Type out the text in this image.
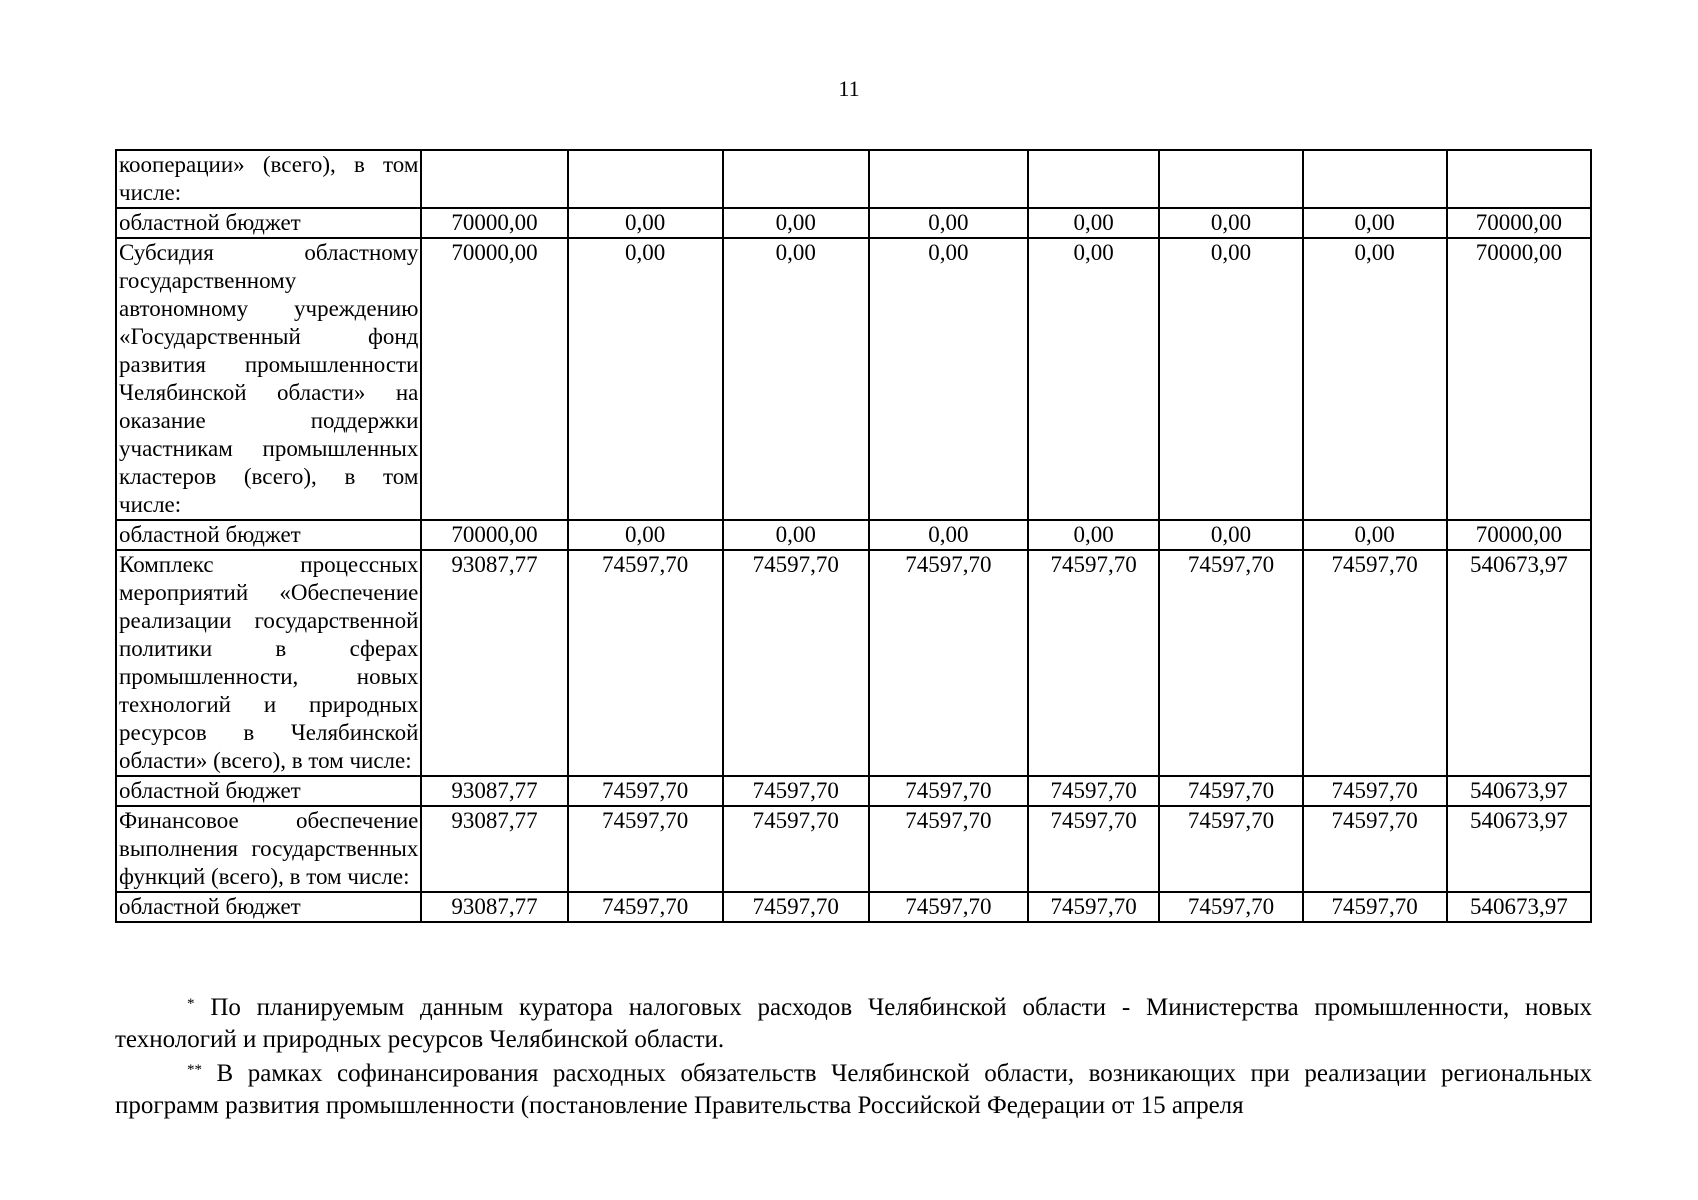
11
кооперации» (всего), в том числе:								
областной бюджет	70000,00	0,00	0,00	0,00	0,00	0,00	0,00	70000,00
Субсидия областному государственному автономному учреждению «Государственный фонд развития промышленности Челябинской области» на оказание поддержки участникам промышленных кластеров (всего), в том числе:	70000,00	0,00	0,00	0,00	0,00	0,00	0,00	70000,00
областной бюджет	70000,00	0,00	0,00	0,00	0,00	0,00	0,00	70000,00
Комплекс процессных мероприятий «Обеспечение реализации государственной политики в сферах промышленности, новых технологий и природных ресурсов в Челябинской области» (всего), в том числе:	93087,77	74597,70	74597,70	74597,70	74597,70	74597,70	74597,70	540673,97
областной бюджет	93087,77	74597,70	74597,70	74597,70	74597,70	74597,70	74597,70	540673,97
Финансовое обеспечение выполнения государственных функций (всего), в том числе:	93087,77	74597,70	74597,70	74597,70	74597,70	74597,70	74597,70	540673,97
областной бюджет	93087,77	74597,70	74597,70	74597,70	74597,70	74597,70	74597,70	540673,97

* По планируемым данным куратора налоговых расходов Челябинской области - Министерства промышленности, новых технологий и природных ресурсов Челябинской области.

** В рамках софинансирования расходных обязательств Челябинской области, возникающих при реализации региональных программ развития промышленности (постановление Правительства Российской Федерации от 15 апреля
